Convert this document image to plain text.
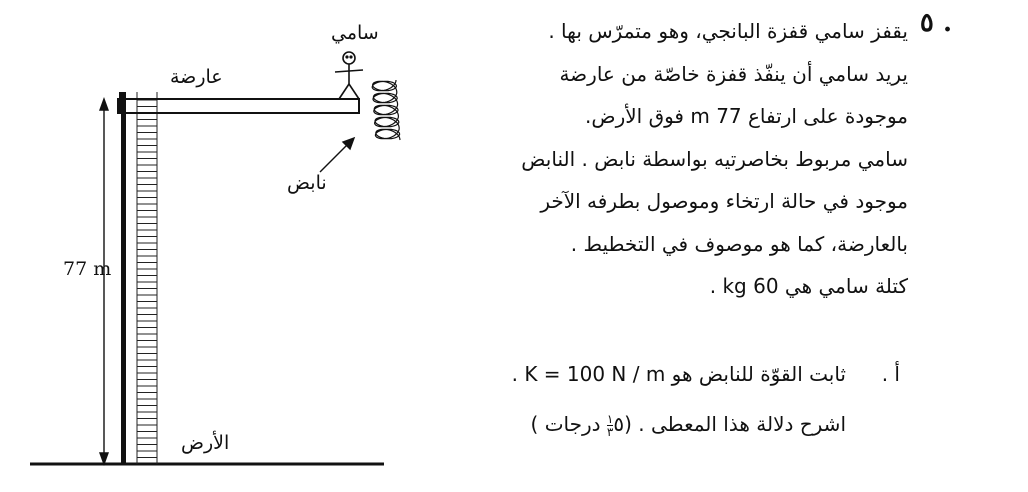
سامي
عارضة
نابض
77 m
الأرض
٥ .
يقفز سامي قفزة البانجي، وهو متمرّس بها .
يريد سامي أن ينفّذ قفزة خاصّة من عارضة
موجودة على ارتفاع 77 m فوق الأرض.
سامي مربوط بخاصرتيه بواسطة نابض . النابض
موجود في حالة ارتخاء وموصول بطرفه الآخر
بالعارضة، كما هو موصوف في التخطيط .
كتلة سامي هي 60 kg .
أ .
ثابت القوّة للنابض هو K = 100 N / m .
اشرح دلالة هذا المعطى . (٥
$\frac{١}{٣}$
درجات )
